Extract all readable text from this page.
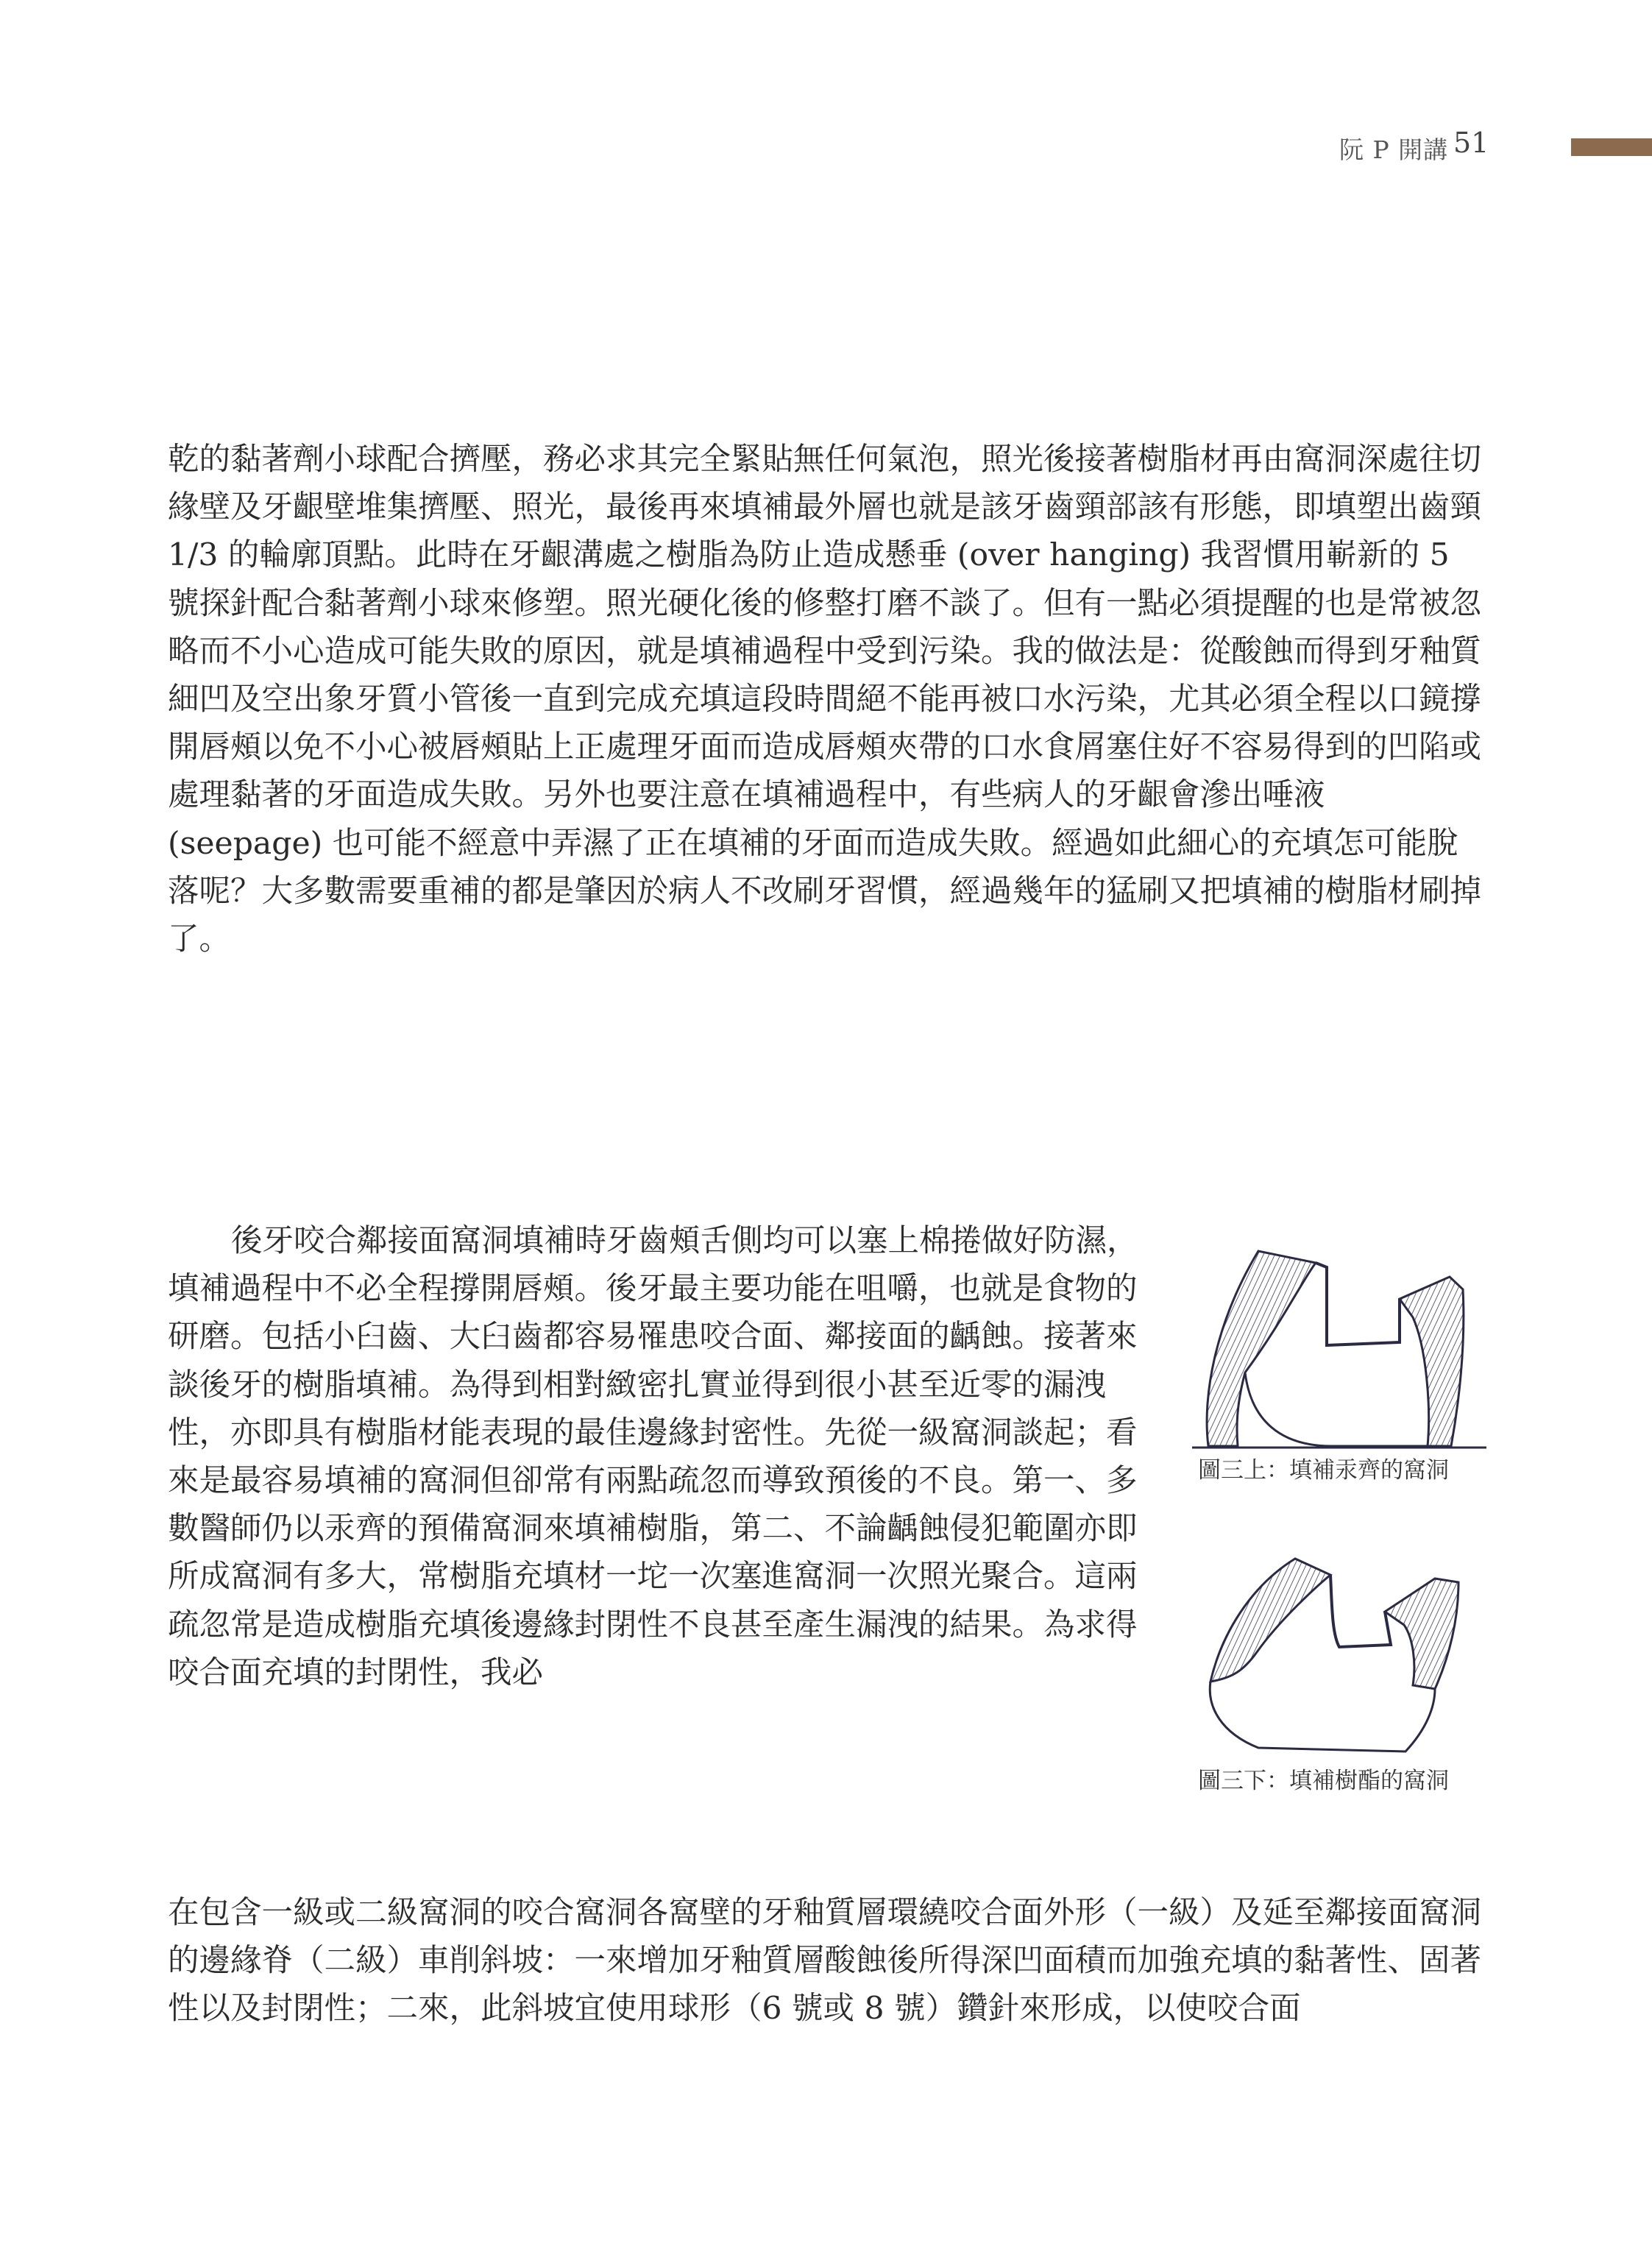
阮 P 開講 51

乾的黏著劑小球配合擠壓，務必求其完全緊貼無任何氣泡，照光後接著樹脂材再由窩洞深處往切緣壁及牙齦壁堆集擠壓、照光，最後再來填補最外層也就是該牙齒頸部該有形態，即填塑出齒頸 1/3 的輪廓頂點。此時在牙齦溝處之樹脂為防止造成懸垂 (over hanging) 我習慣用嶄新的 5 號探針配合黏著劑小球來修塑。照光硬化後的修整打磨不談了。但有一點必須提醒的也是常被忽略而不小心造成可能失敗的原因，就是填補過程中受到污染。我的做法是：從酸蝕而得到牙釉質細凹及空出象牙質小管後一直到完成充填這段時間絕不能再被口水污染，尤其必須全程以口鏡撐開唇頰以免不小心被唇頰貼上正處理牙面而造成唇頰夾帶的口水食屑塞住好不容易得到的凹陷或處理黏著的牙面造成失敗。另外也要注意在填補過程中，有些病人的牙齦會滲出唾液 (seepage) 也可能不經意中弄濕了正在填補的牙面而造成失敗。經過如此細心的充填怎可能脫落呢？大多數需要重補的都是肇因於病人不改刷牙習慣，經過幾年的猛刷又把填補的樹脂材刷掉了。

後牙咬合鄰接面窩洞填補時牙齒頰舌側均可以塞上棉捲做好防濕，填補過程中不必全程撐開唇頰。後牙最主要功能在咀嚼，也就是食物的研磨。包括小臼齒、大臼齒都容易罹患咬合面、鄰接面的齲蝕。接著來談後牙的樹脂填補。為得到相對緻密扎實並得到很小甚至近零的漏洩性，亦即具有樹脂材能表現的最佳邊緣封密性。先從一級窩洞談起；看來是最容易填補的窩洞但卻常有兩點疏忽而導致預後的不良。第一、多數醫師仍以汞齊的預備窩洞來填補樹脂，第二、不論齲蝕侵犯範圍亦即所成窩洞有多大，常樹脂充填材一坨一次塞進窩洞一次照光聚合。這兩疏忽常是造成樹脂充填後邊緣封閉性不良甚至產生漏洩的結果。為求得咬合面充填的封閉性，我必

圖三上：填補汞齊的窩洞
圖三下：填補樹酯的窩洞

在包含一級或二級窩洞的咬合窩洞各窩壁的牙釉質層環繞咬合面外形（一級）及延至鄰接面窩洞的邊緣脊（二級）車削斜坡：一來增加牙釉質層酸蝕後所得深凹面積而加強充填的黏著性、固著性以及封閉性；二來，此斜坡宜使用球形（6 號或 8 號）鑽針來形成，以使咬合面
